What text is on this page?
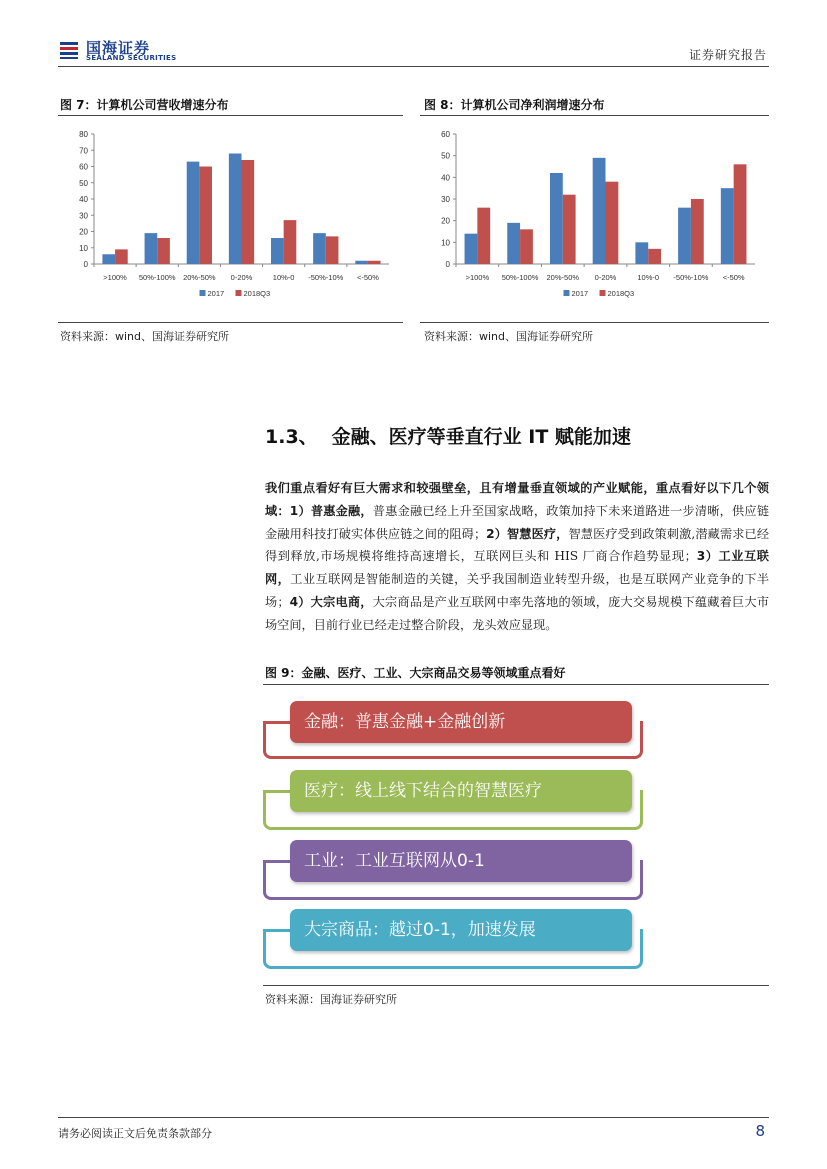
国海证券
SEALAND SECURITIES	证券研究报告
图 7：计算机公司营收增速分布
0
10
20
30
40
50
60
70
80
>100% 50%-100% 20%-50% 0-20%	10%-0 -50%-10% <-50%
2017	2018Q3
资料来源：wind、国海证券研究所
图 8：计算机公司净利润增速分布
0
10
20
30
40
50
60
>100% 50%-100% 20%-50% 0-20%	10%-0 -50%-10% <-50%
2017	2018Q3
资料来源：wind、国海证券研究所
1.3、 金融、医疗等垂直行业 IT 赋能加速
我们重点看好有巨大需求和较强壁垒，且有增量垂直领域的产业赋能，重点看好以下几个领域：1）普惠金融，普惠金融已经上升至国家战略，政策加持下未来道路进一步清晰，供应链金融用科技打破实体供应链之间的阻碍；2）智慧医疗，智慧医疗受到政策刺激,潜藏需求已经得到释放,市场规模将维持高速增长，互联网巨头和 HIS 厂商合作趋势显现；3）工业互联网，工业互联网是智能制造的关键，关乎我国制造业转型升级，也是互联网产业竞争的下半场；4）大宗电商，大宗商品是产业互联网中率先落地的领域，庞大交易规模下蕴藏着巨大市场空间，目前行业已经走过整合阶段，龙头效应显现。
图 9：金融、医疗、工业、大宗商品交易等领域重点看好
金融：普惠金融+金融创新
医疗：线上线下结合的智慧医疗
工业：工业互联网从0-1
大宗商品：越过0-1，加速发展
资料来源：国海证券研究所
请务必阅读正文后免责条款部分	8
